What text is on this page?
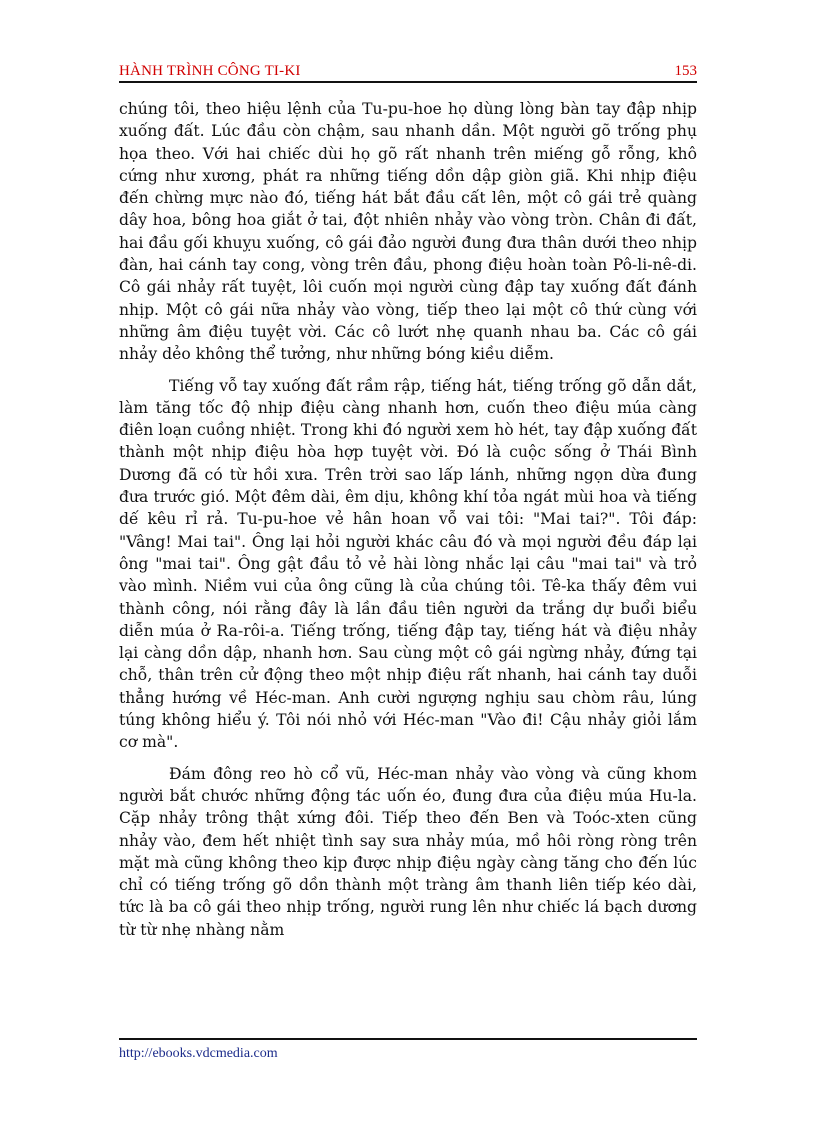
HÀNH TRÌNH CÔNG TI-KI	153

chúng tôi, theo hiệu lệnh của Tu-pu-hoe họ dùng lòng bàn tay đập nhịp xuống đất. Lúc đầu còn chậm, sau nhanh dần. Một người gõ trống phụ họa theo. Với hai chiếc dùi họ gõ rất nhanh trên miếng gỗ rỗng, khô cứng như xương, phát ra những tiếng dồn dập giòn giã. Khi nhịp điệu đến chừng mực nào đó, tiếng hát bắt đầu cất lên, một cô gái trẻ quàng dây hoa, bông hoa giắt ở tai, đột nhiên nhảy vào vòng tròn. Chân đi đất, hai đầu gối khuỵu xuống, cô gái đảo người đung đưa thân dưới theo nhịp đàn, hai cánh tay cong, vòng trên đầu, phong điệu hoàn toàn Pô-li-nê-di. Cô gái nhảy rất tuyệt, lôi cuốn mọi người cùng đập tay xuống đất đánh nhịp. Một cô gái nữa nhảy vào vòng, tiếp theo lại một cô thứ cùng với những âm điệu tuyệt vời. Các cô lướt nhẹ quanh nhau ba. Các cô gái nhảy dẻo không thể tưởng, như những bóng kiều diễm.

Tiếng vỗ tay xuống đất rầm rập, tiếng hát, tiếng trống gõ dẫn dắt, làm tăng tốc độ nhịp điệu càng nhanh hơn, cuốn theo điệu múa càng điên loạn cuồng nhiệt. Trong khi đó người xem hò hét, tay đập xuống đất thành một nhịp điệu hòa hợp tuyệt vời. Đó là cuộc sống ở Thái Bình Dương đã có từ hồi xưa. Trên trời sao lấp lánh, những ngọn dừa đung đưa trước gió. Một đêm dài, êm dịu, không khí tỏa ngát mùi hoa và tiếng dế kêu rỉ rả. Tu-pu-hoe vẻ hân hoan vỗ vai tôi: "Mai tai?". Tôi đáp: "Vâng! Mai tai". Ông lại hỏi người khác câu đó và mọi người đều đáp lại ông "mai tai". Ông gật đầu tỏ vẻ hài lòng nhắc lại câu "mai tai" và trỏ vào mình. Niềm vui của ông cũng là của chúng tôi. Tê-ka thấy đêm vui thành công, nói rằng đây là lần đầu tiên người da trắng dự buổi biểu diễn múa ở Ra-rôi-a. Tiếng trống, tiếng đập tay, tiếng hát và điệu nhảy lại càng dồn dập, nhanh hơn. Sau cùng một cô gái ngừng nhảy, đứng tại chỗ, thân trên cử động theo một nhịp điệu rất nhanh, hai cánh tay duỗi thẳng hướng về Héc-man. Anh cười ngượng nghịu sau chòm râu, lúng túng không hiểu ý. Tôi nói nhỏ với Héc-man "Vào đi! Cậu nhảy giỏi lắm cơ mà".

Đám đông reo hò cổ vũ, Héc-man nhảy vào vòng và cũng khom người bắt chước những động tác uốn éo, đung đưa của điệu múa Hu-la. Cặp nhảy trông thật xứng đôi. Tiếp theo đến Ben và Toóc-xten cũng nhảy vào, đem hết nhiệt tình say sưa nhảy múa, mồ hôi ròng ròng trên mặt mà cũng không theo kịp được nhịp điệu ngày càng tăng cho đến lúc chỉ có tiếng trống gõ dồn thành một tràng âm thanh liên tiếp kéo dài, tức là ba cô gái theo nhịp trống, người rung lên như chiếc lá bạch dương từ từ nhẹ nhàng nằm

http://ebooks.vdcmedia.com
